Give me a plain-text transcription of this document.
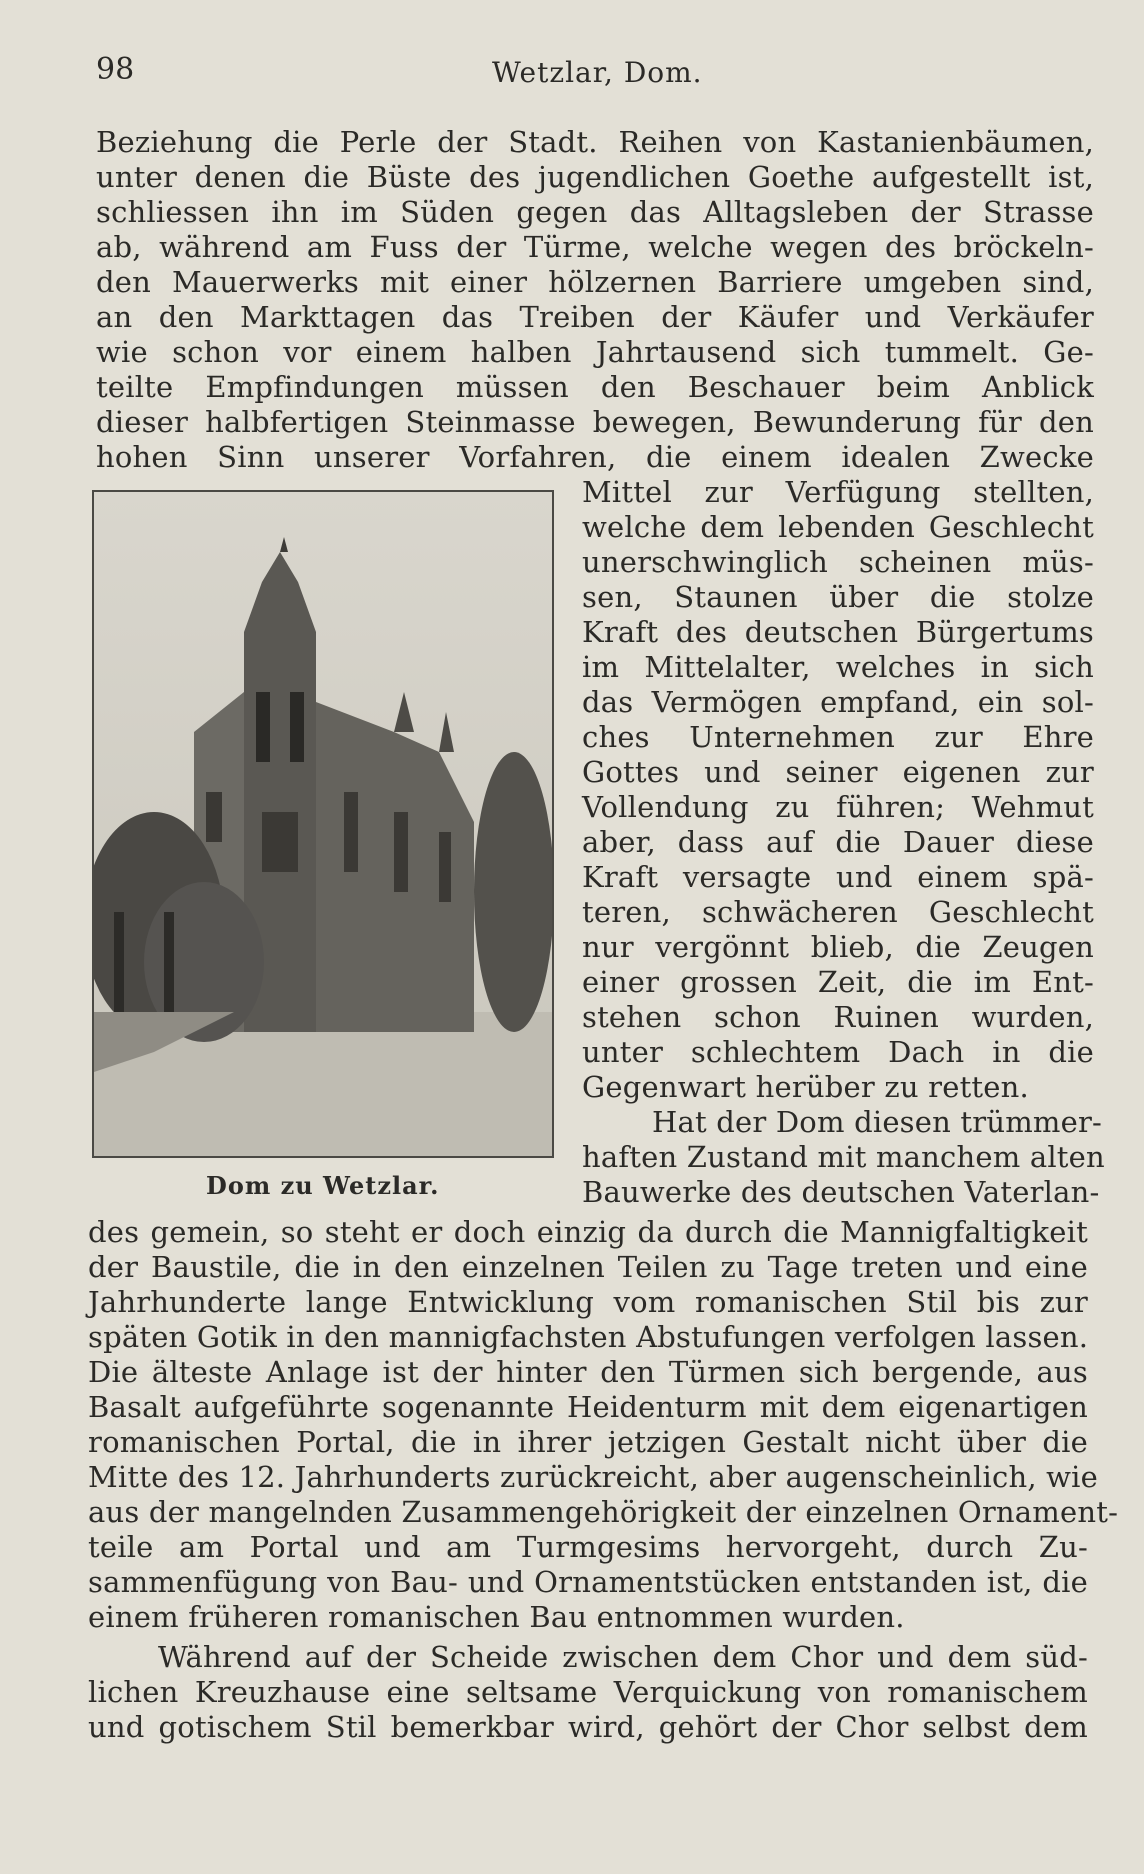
98	Wetzlar, Dom.
Beziehung die Perle der Stadt. Reihen von Kastanienbäumen,
unter denen die Büste des jugendlichen Goethe aufgestellt ist,
schliessen ihn im Süden gegen das Alltagsleben der Strasse
ab, während am Fuss der Türme, welche wegen des bröckeln-
den Mauerwerks mit einer hölzernen Barriere umgeben sind,
an den Markttagen das Treiben der Käufer und Verkäufer
wie schon vor einem halben Jahrtausend sich tummelt. Ge-
teilte Empfindungen müssen den Beschauer beim Anblick
dieser halbfertigen Steinmasse bewegen, Bewunderung für den
hohen Sinn unserer Vorfahren, die einem idealen Zwecke
Dom zu Wetzlar.
Mittel zur Verfügung stellten,
welche dem lebenden Geschlecht
unerschwinglich scheinen müs-
sen, Staunen über die stolze
Kraft des deutschen Bürgertums
im Mittelalter, welches in sich
das Vermögen empfand, ein sol-
ches Unternehmen zur Ehre
Gottes und seiner eigenen zur
Vollendung zu führen; Wehmut
aber, dass auf die Dauer diese
Kraft versagte und einem spä-
teren, schwächeren Geschlecht
nur vergönnt blieb, die Zeugen
einer grossen Zeit, die im Ent-
stehen schon Ruinen wurden,
unter schlechtem Dach in die
Gegenwart herüber zu retten.
Hat der Dom diesen trümmer-
haften Zustand mit manchem alten
Bauwerke des deutschen Vaterlan-
des gemein, so steht er doch einzig da durch die Mannigfaltigkeit
der Baustile, die in den einzelnen Teilen zu Tage treten und eine
Jahrhunderte lange Entwicklung vom romanischen Stil bis zur
späten Gotik in den mannigfachsten Abstufungen verfolgen lassen.
Die älteste Anlage ist der hinter den Türmen sich bergende, aus
Basalt aufgeführte sogenannte Heidenturm mit dem eigenartigen
romanischen Portal, die in ihrer jetzigen Gestalt nicht über die
Mitte des 12. Jahrhunderts zurückreicht, aber augenscheinlich, wie
aus der mangelnden Zusammengehörigkeit der einzelnen Ornament-
teile am Portal und am Turmgesims hervorgeht, durch Zu-
sammenfügung von Bau- und Ornamentstücken entstanden ist, die
einem früheren romanischen Bau entnommen wurden.
Während auf der Scheide zwischen dem Chor und dem süd-
lichen Kreuzhause eine seltsame Verquickung von romanischem
und gotischem Stil bemerkbar wird, gehört der Chor selbst dem
